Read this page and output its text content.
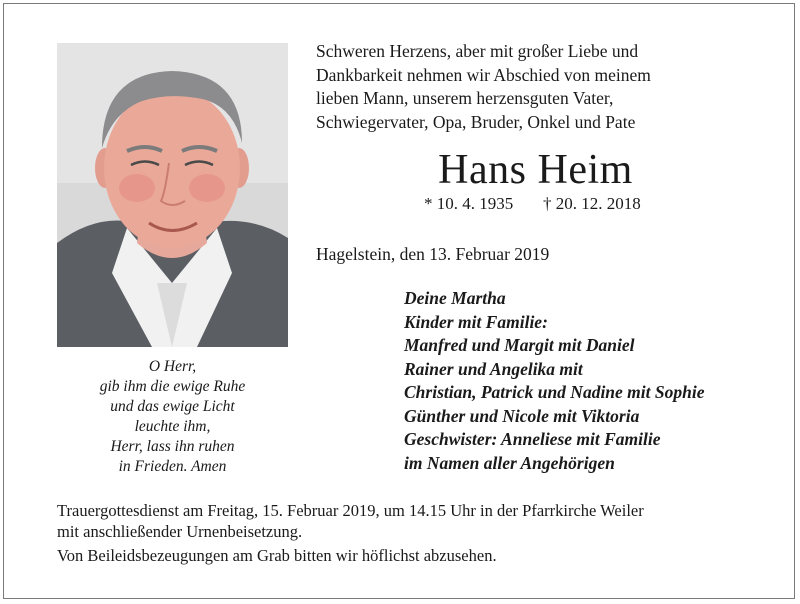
O Herr,
gib ihm die ewige Ruhe
und das ewige Licht
leuchte ihm,
Herr, lass ihn ruhen
in Frieden. Amen
Schweren Herzens, aber mit großer Liebe und
Dankbarkeit nehmen wir Abschied von meinem
lieben Mann, unserem herzensguten Vater,
Schwiegervater, Opa, Bruder, Onkel und Pate
Hans Heim
* 10. 4. 1935 † 20. 12. 2018
Hagelstein, den 13. Februar 2019
Deine Martha
Kinder mit Familie:
Manfred und Margit mit Daniel
Rainer und Angelika mit
Christian, Patrick und Nadine mit Sophie
Günther und Nicole mit Viktoria
Geschwister: Anneliese mit Familie
im Namen aller Angehörigen
Trauergottesdienst am Freitag, 15. Februar 2019, um 14.15 Uhr in der Pfarrkirche Weiler
mit anschließender Urnenbeisetzung.
Von Beileidsbezeugungen am Grab bitten wir höflichst abzusehen.
